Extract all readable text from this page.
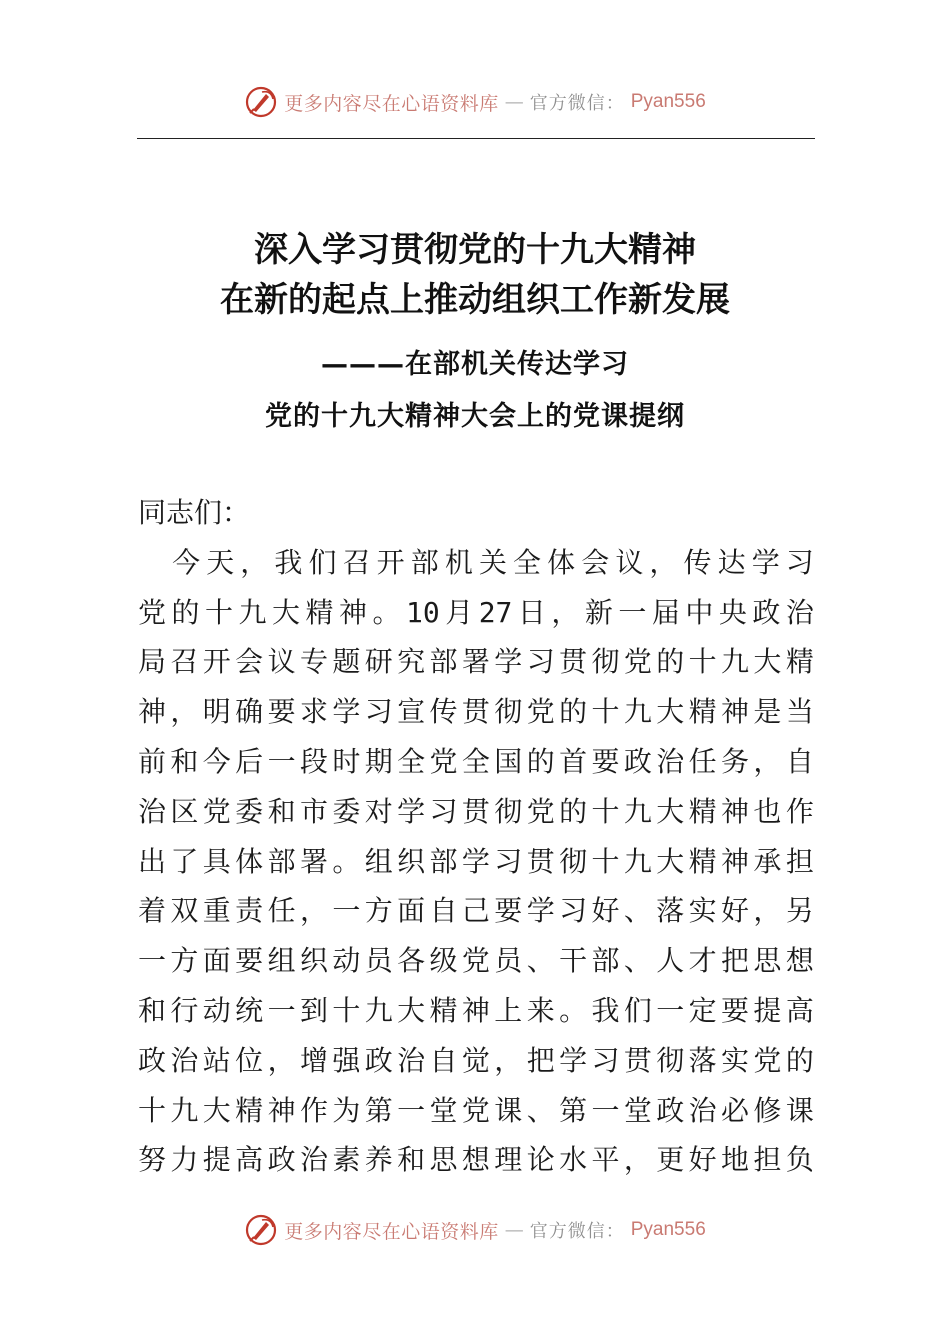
更多内容尽在心语资料库 — 官方微信： Pyan556
深入学习贯彻党的十九大精神
在新的起点上推动组织工作新发展
———在部机关传达学习
党的十九大精神大会上的党课提纲
同志们：

今 天 ， 我 们 召 开 部 机 关 全 体 会 议 ， 传 达 学 习
党 的 十 九 大 精 神 。 10 月 27 日 ， 新 一 届 中 央 政 治
局 召 开 会 议 专 题 研 究 部 署 学 习 贯 彻 党 的 十 九 大 精
神 ， 明 确 要 求 学 习 宣 传 贯 彻 党 的 十 九 大 精 神 是 当
前 和 今 后 一 段 时 期 全 党 全 国 的 首 要 政 治 任 务 ， 自
治 区 党 委 和 市 委 对 学 习 贯 彻 党 的 十 九 大 精 神 也 作
出 了 具 体 部 署 。 组 织 部 学 习 贯 彻 十 九 大 精 神 承 担
着 双 重 责 任 ， 一 方 面 自 己 要 学 习 好 、 落 实 好 ， 另
一 方 面 要 组 织 动 员 各 级 党 员 、 干 部 、 人 才 把 思 想
和 行 动 统 一 到 十 九 大 精 神 上 来 。 我 们 一 定 要 提 高
政 治 站 位 ， 增 强 政 治 自 觉 ， 把 学 习 贯 彻 落 实 党 的
十 九 大 精 神 作 为 第 一 堂 党 课 、 第 一 堂 政 治 必 修 课
努 力 提 高 政 治 素 养 和 思 想 理 论 水 平 ， 更 好 地 担 负
更多内容尽在心语资料库 — 官方微信： Pyan556
